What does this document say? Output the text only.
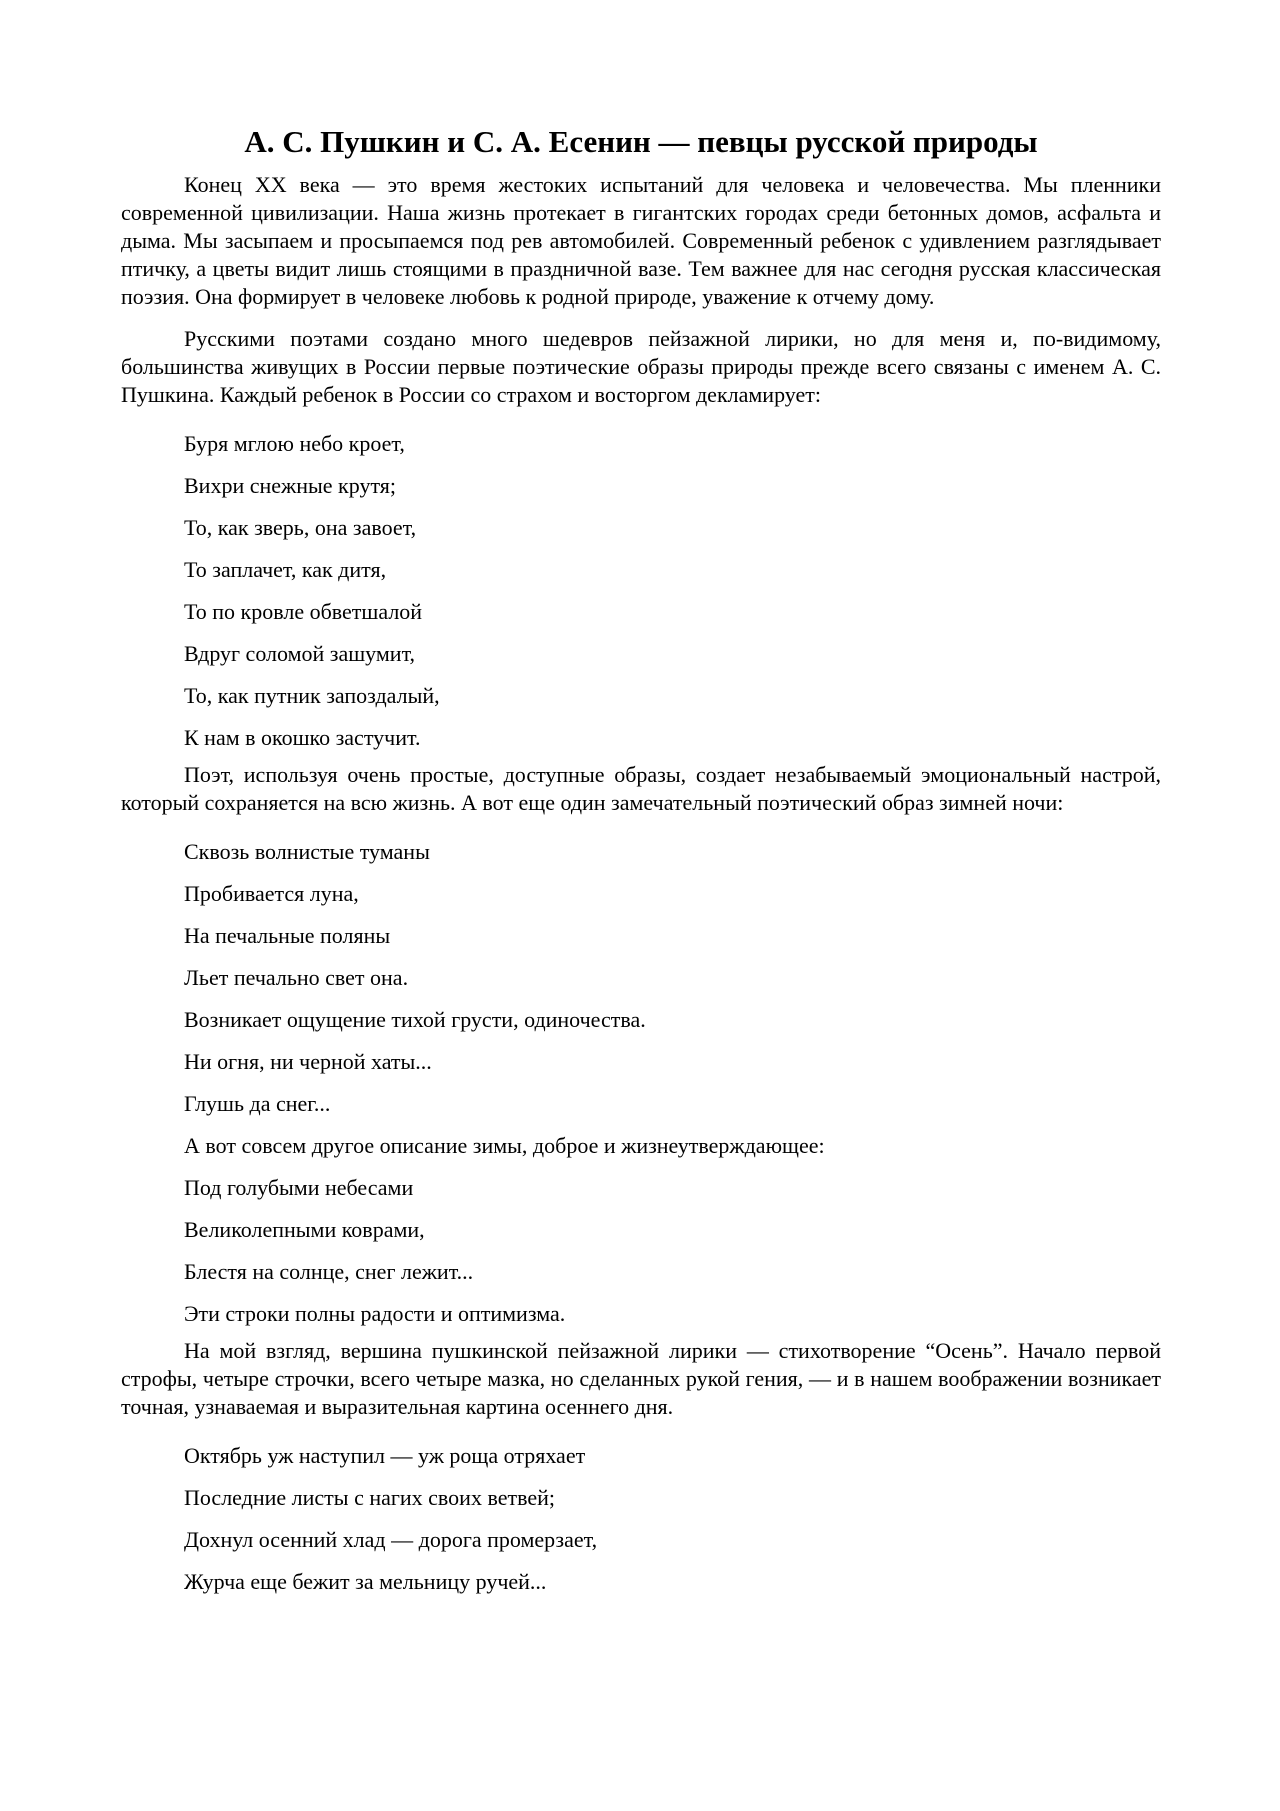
А. С. Пушкин и С. А. Есенин — певцы русской природы

Конец XX века — это время жестоких испытаний для человека и человечества. Мы пленники современной цивилизации. Наша жизнь протекает в гигантских городах среди бетонных домов, асфальта и дыма. Мы засыпаем и просыпаемся под рев автомобилей. Современный ребенок с удивлением разглядывает птичку, а цветы видит лишь стоящими в праздничной вазе. Тем важнее для нас сегодня русская классическая поэзия. Она формирует в человеке любовь к родной природе, уважение к отчему дому.

Русскими поэтами создано много шедевров пейзажной лирики, но для меня и, по-видимому, большинства живущих в России первые поэтические образы природы прежде всего связаны с именем А. С. Пушкина. Каждый ребенок в России со страхом и восторгом декламирует:

Буря мглою небо кроет,

Вихри снежные крутя;

То, как зверь, она завоет,

То заплачет, как дитя,

То по кровле обветшалой

Вдруг соломой зашумит,

То, как путник запоздалый,

К нам в окошко застучит.

Поэт, используя очень простые, доступные образы, создает незабываемый эмоциональный настрой, который сохраняется на всю жизнь. А вот еще один замечательный поэтический образ зимней ночи:

Сквозь волнистые туманы

Пробивается луна,

На печальные поляны

Льет печально свет она.

Возникает ощущение тихой грусти, одиночества.

Ни огня, ни черной хаты...

Глушь да снег...

А вот совсем другое описание зимы, доброе и жизнеутверждающее:

Под голубыми небесами

Великолепными коврами,

Блестя на солнце, снег лежит...

Эти строки полны радости и оптимизма.

На мой взгляд, вершина пушкинской пейзажной лирики — стихотворение “Осень”. Начало первой строфы, четыре строчки, всего четыре мазка, но сделанных рукой гения, — и в нашем воображении возникает точная, узнаваемая и выразительная картина осеннего дня.

Октябрь уж наступил — уж роща отряхает

Последние листы с нагих своих ветвей;

Дохнул осенний хлад — дорога промерзает,

Журча еще бежит за мельницу ручей...
